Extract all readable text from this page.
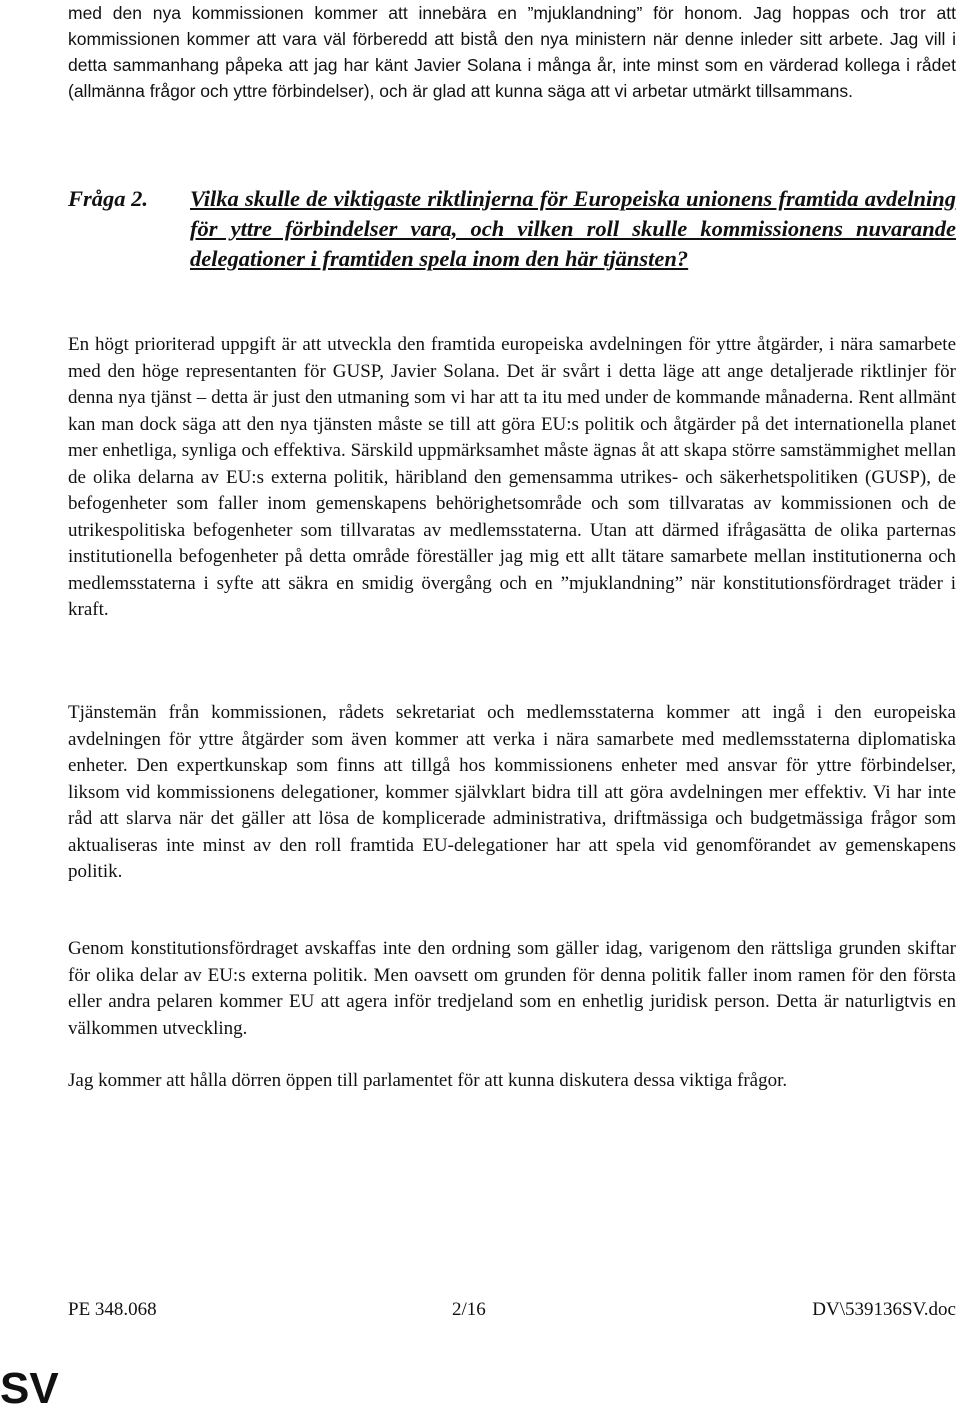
med den nya kommissionen kommer att innebära en ”mjuklandning” för honom. Jag hoppas och tror att kommissionen kommer att vara väl förberedd att bistå den nya ministern när denne inleder sitt arbete. Jag vill i detta sammanhang påpeka att jag har känt Javier Solana i många år, inte minst som en värderad kollega i rådet (allmänna frågor och yttre förbindelser), och är glad att kunna säga att vi arbetar utmärkt tillsammans.

Fråga 2. Vilka skulle de viktigaste riktlinjerna för Europeiska unionens framtida avdelning för yttre förbindelser vara, och vilken roll skulle kommissionens nuvarande delegationer i framtiden spela inom den här tjänsten?

En högt prioriterad uppgift är att utveckla den framtida europeiska avdelningen för yttre åtgärder, i nära samarbete med den höge representanten för GUSP, Javier Solana. Det är svårt i detta läge att ange detaljerade riktlinjer för denna nya tjänst – detta är just den utmaning som vi har att ta itu med under de kommande månaderna. Rent allmänt kan man dock säga att den nya tjänsten måste se till att göra EU:s politik och åtgärder på det internationella planet mer enhetliga, synliga och effektiva. Särskild uppmärksamhet måste ägnas åt att skapa större samstämmighet mellan de olika delarna av EU:s externa politik, häribland den gemensamma utrikes- och säkerhetspolitiken (GUSP), de befogenheter som faller inom gemenskapens behörighetsområde och som tillvaratas av kommissionen och de utrikespolitiska befogenheter som tillvaratas av medlemsstaterna. Utan att därmed ifrågasätta de olika parternas institutionella befogenheter på detta område föreställer jag mig ett allt tätare samarbete mellan institutionerna och medlemsstaterna i syfte att säkra en smidig övergång och en ”mjuklandning” när konstitutionsfördraget träder i kraft.

Tjänstemän från kommissionen, rådets sekretariat och medlemsstaterna kommer att ingå i den europeiska avdelningen för yttre åtgärder som även kommer att verka i nära samarbete med medlemsstaterna diplomatiska enheter. Den expertkunskap som finns att tillgå hos kommissionens enheter med ansvar för yttre förbindelser, liksom vid kommissionens delegationer, kommer självklart bidra till att göra avdelningen mer effektiv. Vi har inte råd att slarva när det gäller att lösa de komplicerade administrativa, driftmässiga och budgetmässiga frågor som aktualiseras inte minst av den roll framtida EU-delegationer har att spela vid genomförandet av gemenskapens politik.

Genom konstitutionsfördraget avskaffas inte den ordning som gäller idag, varigenom den rättsliga grunden skiftar för olika delar av EU:s externa politik. Men oavsett om grunden för denna politik faller inom ramen för den första eller andra pelaren kommer EU att agera inför tredjeland som en enhetlig juridisk person. Detta är naturligtvis en välkommen utveckling.

Jag kommer att hålla dörren öppen till parlamentet för att kunna diskutera dessa viktiga frågor.

PE 348.068	2/16	DV\539136SV.doc
SV
